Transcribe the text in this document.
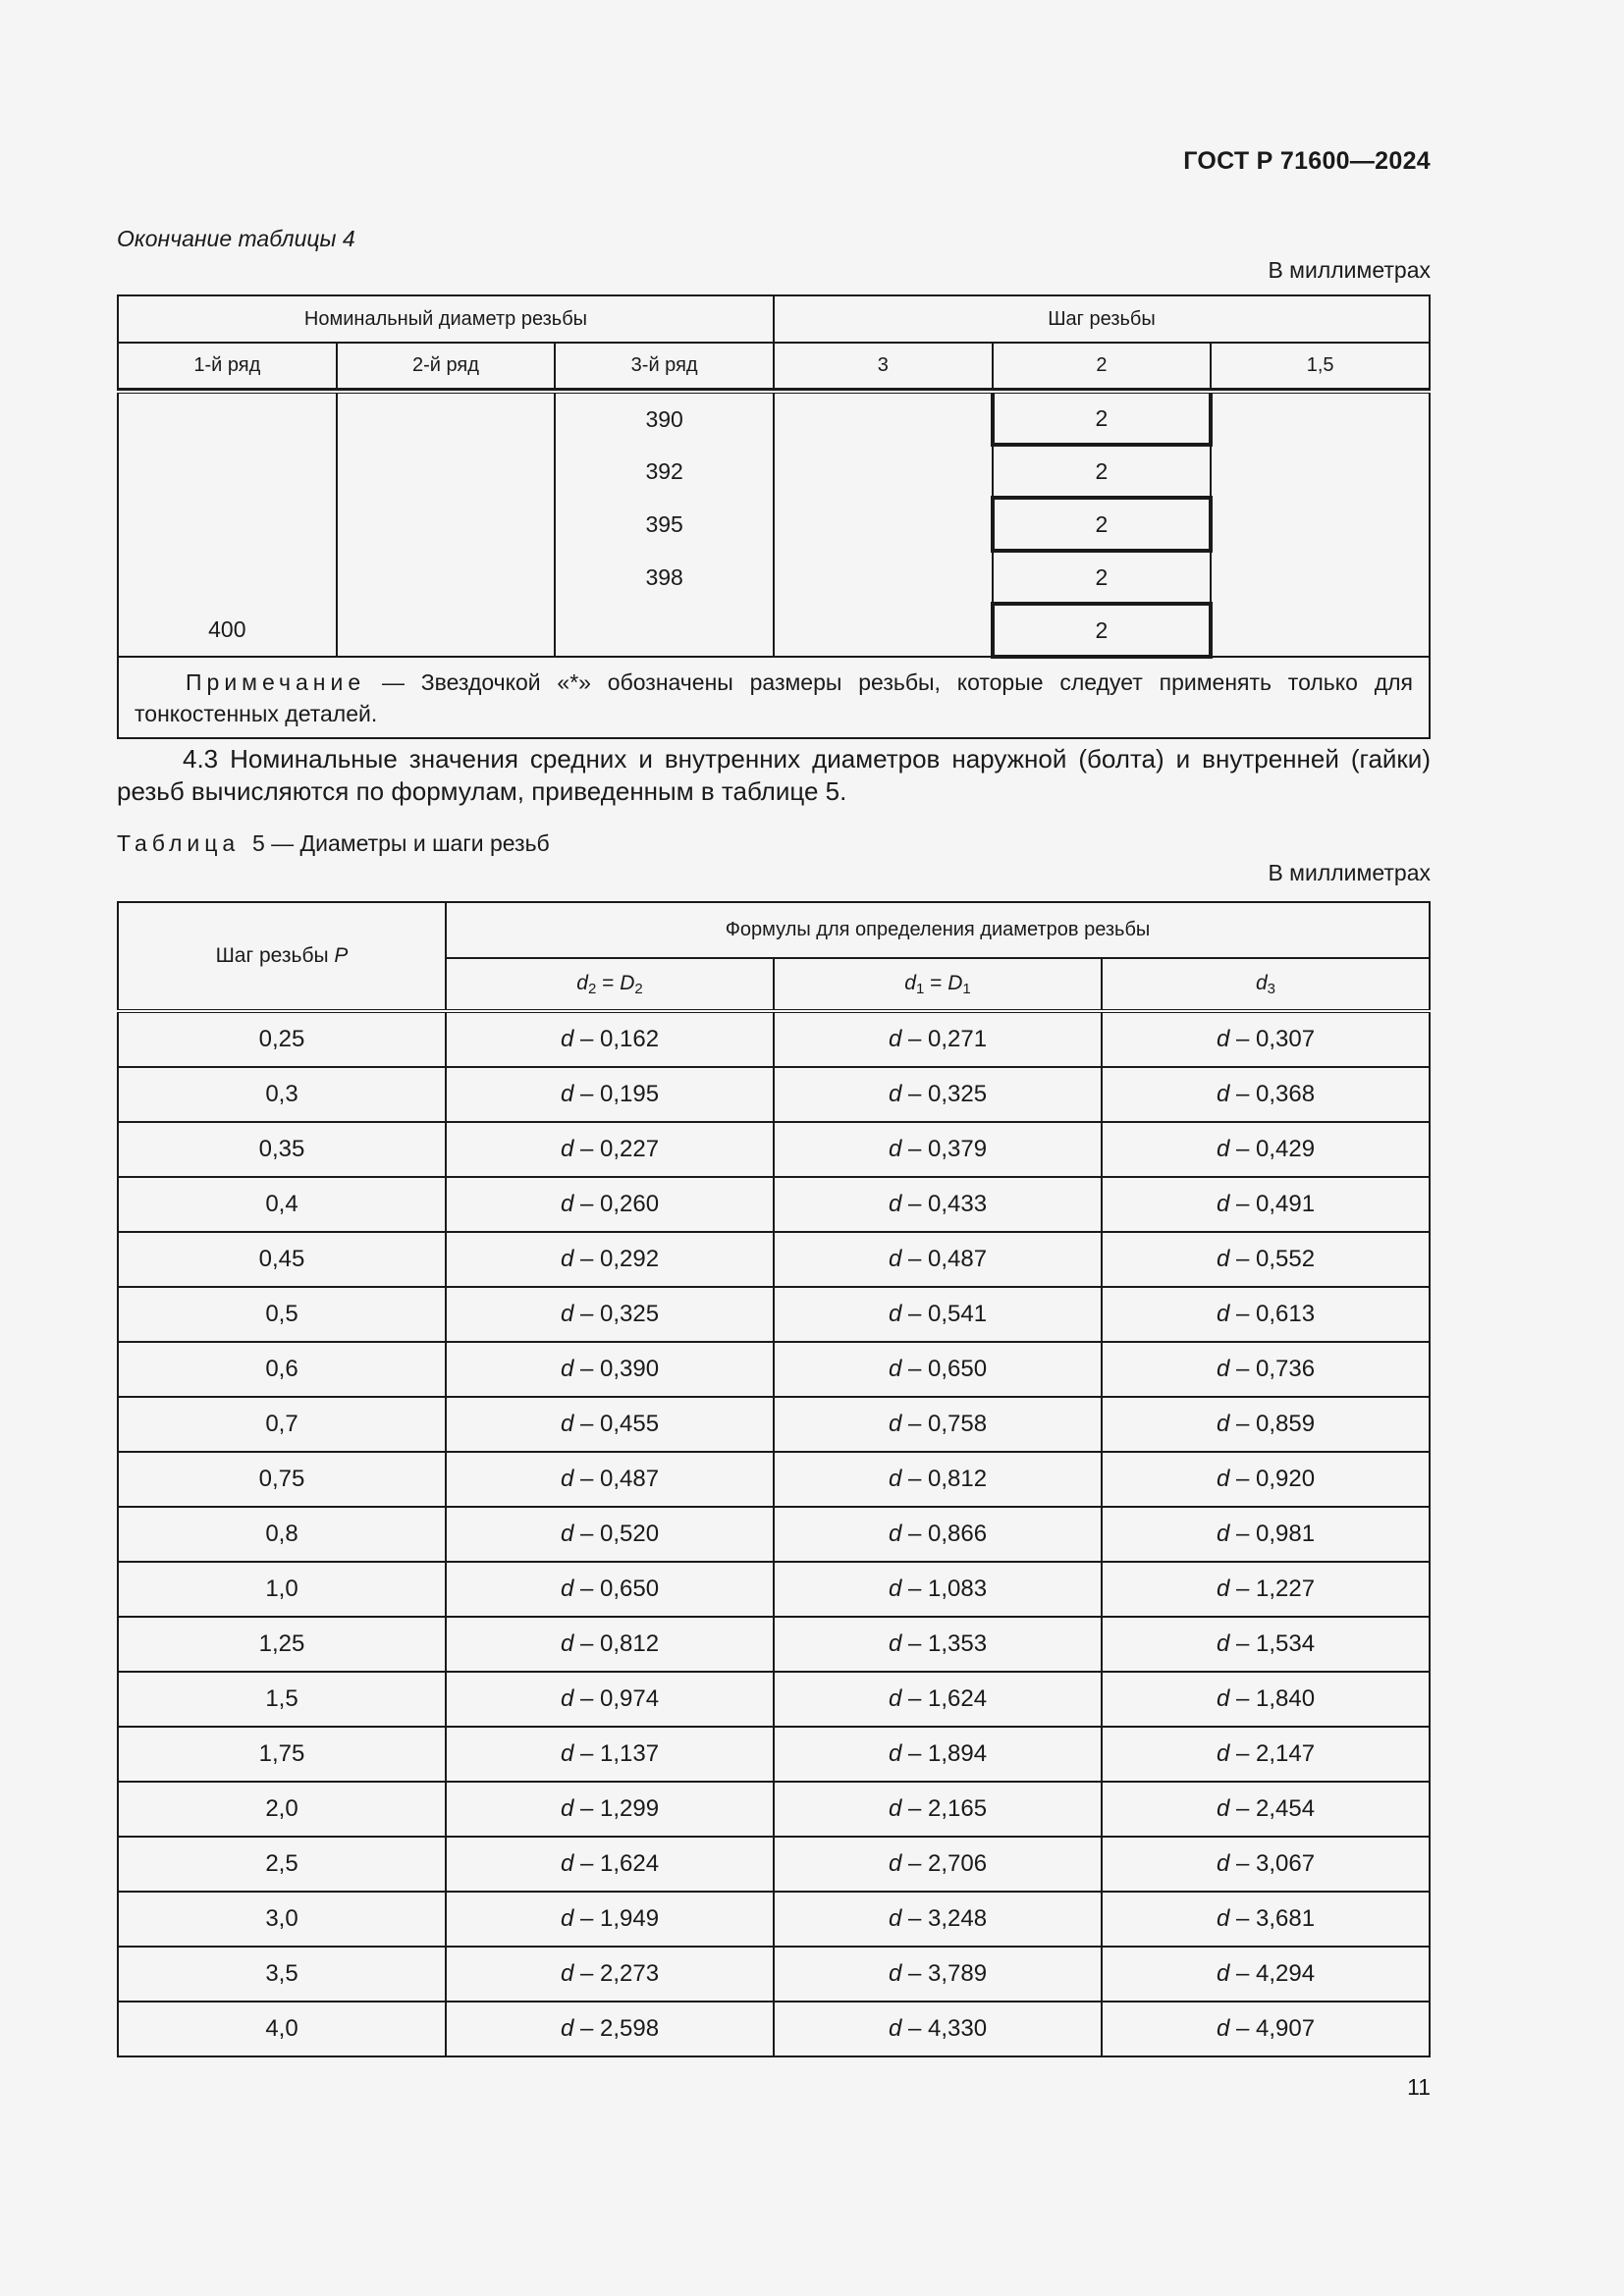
ГОСТ Р 71600—2024
Окончание таблицы 4
В миллиметрах
Номинальный диаметр резьбы			Шаг резьбы		
1-й ряд	2-й ряд	3-й ряд	3	2	1,5

		390		2	
		392		2	
		395		2	
		398		2	
400				2	
Примечание — Звездочкой «*» обозначены размеры резьбы, которые следует применять только для тонкостенных деталей.					
4.3 Номинальные значения средних и внутренних диаметров наружной (болта) и внутренней (гайки) резьб вычисляются по формулам, приведенным в таблице 5.
Таблица 5 — Диаметры и шаги резьб
В миллиметрах
Шаг резьбы P	Формулы для определения диаметров резьбы		
	$d_2 = D_2$	$d_1 = D_1$	$d_3$
0,25	d – 0,162	d – 0,271	d – 0,307
0,3	d – 0,195	d – 0,325	d – 0,368
0,35	d – 0,227	d – 0,379	d – 0,429
0,4	d – 0,260	d – 0,433	d – 0,491
0,45	d – 0,292	d – 0,487	d – 0,552
0,5	d – 0,325	d – 0,541	d – 0,613
0,6	d – 0,390	d – 0,650	d – 0,736
0,7	d – 0,455	d – 0,758	d – 0,859
0,75	d – 0,487	d – 0,812	d – 0,920
0,8	d – 0,520	d – 0,866	d – 0,981
1,0	d – 0,650	d – 1,083	d – 1,227
1,25	d – 0,812	d – 1,353	d – 1,534
1,5	d – 0,974	d – 1,624	d – 1,840
1,75	d – 1,137	d – 1,894	d – 2,147
2,0	d – 1,299	d – 2,165	d – 2,454
2,5	d – 1,624	d – 2,706	d – 3,067
3,0	d – 1,949	d – 3,248	d – 3,681
3,5	d – 2,273	d – 3,789	d – 4,294
4,0	d – 2,598	d – 4,330	d – 4,907
11
